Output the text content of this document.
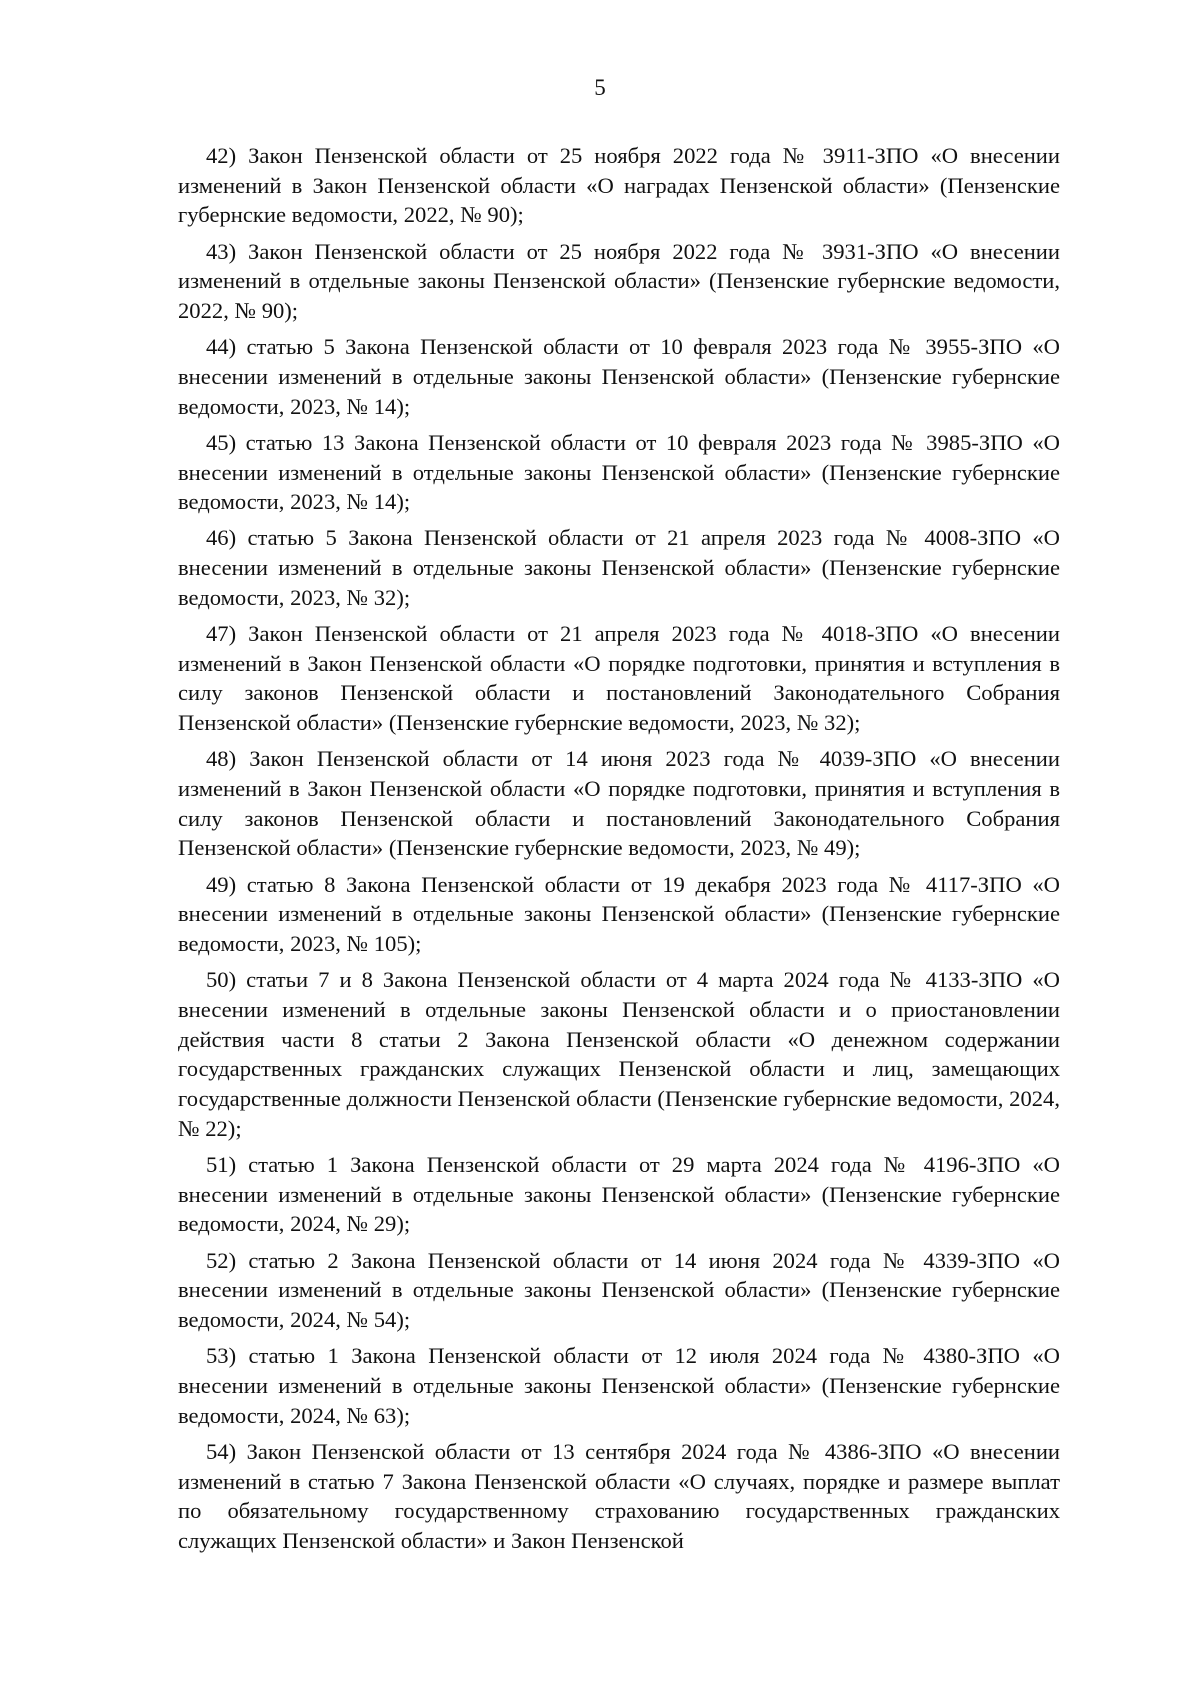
5

42) Закон Пензенской области от 25 ноября 2022 года № 3911-ЗПО «О внесении изменений в Закон Пензенской области «О наградах Пензенской области» (Пензенские губернские ведомости, 2022, № 90);

43) Закон Пензенской области от 25 ноября 2022 года № 3931-ЗПО «О внесении изменений в отдельные законы Пензенской области» (Пензенские губернские ведомости, 2022, № 90);

44) статью 5 Закона Пензенской области от 10 февраля 2023 года № 3955-ЗПО «О внесении изменений в отдельные законы Пензенской области» (Пензенские губернские ведомости, 2023, № 14);

45) статью 13 Закона Пензенской области от 10 февраля 2023 года № 3985-ЗПО «О внесении изменений в отдельные законы Пензенской области» (Пензенские губернские ведомости, 2023, № 14);

46) статью 5 Закона Пензенской области от 21 апреля 2023 года № 4008-ЗПО «О внесении изменений в отдельные законы Пензенской области» (Пензенские губернские ведомости, 2023, № 32);

47) Закон Пензенской области от 21 апреля 2023 года № 4018-ЗПО «О внесении изменений в Закон Пензенской области «О порядке подготовки, принятия и вступления в силу законов Пензенской области и постановлений Законодательного Собрания Пензенской области» (Пензенские губернские ведомости, 2023, № 32);

48) Закон Пензенской области от 14 июня 2023 года № 4039-ЗПО «О внесении изменений в Закон Пензенской области «О порядке подготовки, принятия и вступления в силу законов Пензенской области и постановлений Законодательного Собрания Пензенской области» (Пензенские губернские ведомости, 2023, № 49);

49) статью 8 Закона Пензенской области от 19 декабря 2023 года № 4117-ЗПО «О внесении изменений в отдельные законы Пензенской области» (Пензенские губернские ведомости, 2023, № 105);

50) статьи 7 и 8 Закона Пензенской области от 4 марта 2024 года № 4133-ЗПО «О внесении изменений в отдельные законы Пензенской области и о приостановлении действия части 8 статьи 2 Закона Пензенской области «О денежном содержании государственных гражданских служащих Пензенской области и лиц, замещающих государственные должности Пензенской области (Пензенские губернские ведомости, 2024, № 22);

51) статью 1 Закона Пензенской области от 29 марта 2024 года № 4196-ЗПО «О внесении изменений в отдельные законы Пензенской области» (Пензенские губернские ведомости, 2024, № 29);

52) статью 2 Закона Пензенской области от 14 июня 2024 года № 4339-ЗПО «О внесении изменений в отдельные законы Пензенской области» (Пензенские губернские ведомости, 2024, № 54);

53) статью 1 Закона Пензенской области от 12 июля 2024 года № 4380-ЗПО «О внесении изменений в отдельные законы Пензенской области» (Пензенские губернские ведомости, 2024, № 63);

54) Закон Пензенской области от 13 сентября 2024 года № 4386-ЗПО «О внесении изменений в статью 7 Закона Пензенской области «О случаях, порядке и размере выплат по обязательному государственному страхованию государственных гражданских служащих Пензенской области» и Закон Пензенской
